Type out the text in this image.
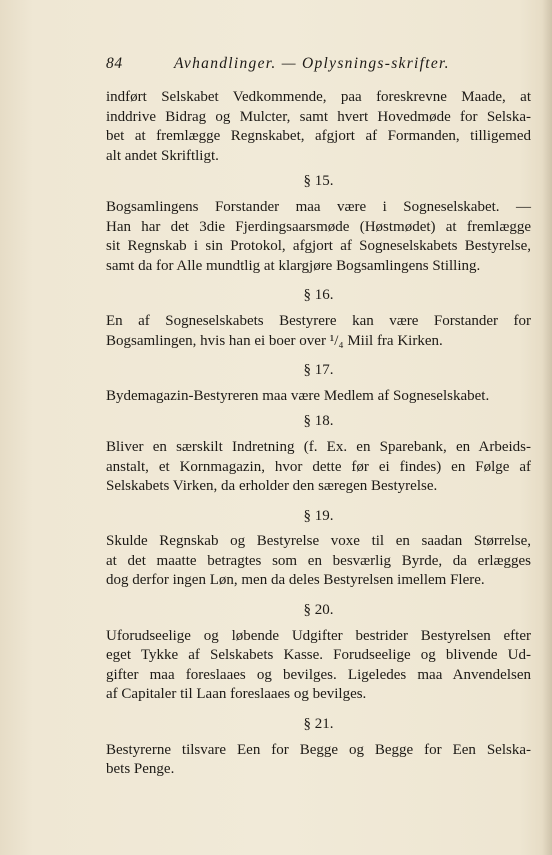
84	Avhandlinger. — Oplysnings-skrifter.
indført Selskabet Vedkommende, paa foreskrevne Maade, at
inddrive Bidrag og Mulcter, samt hvert Hovedmøde for Selska-
bet at fremlægge Regnskabet, afgjort af Formanden, tilligemed
alt andet Skriftligt.
§ 15.
Bogsamlingens Forstander maa være i Sogneselskabet. —
Han har det 3die Fjerdingsaarsmøde (Høstmødet) at fremlægge
sit Regnskab i sin Protokol, afgjort af Sogneselskabets Bestyrelse,
samt da for Alle mundtlig at klargjøre Bogsamlingens Stilling.
§ 16.
En af Sogneselskabets Bestyrere kan være Forstander for
Bogsamlingen, hvis han ei boer over ¹/₄ Miil fra Kirken.
§ 17.
Bydemagazin-Bestyreren maa være Medlem af Sogneselskabet.
§ 18.
Bliver en særskilt Indretning (f. Ex. en Sparebank, en Arbeids-
anstalt, et Kornmagazin, hvor dette før ei findes) en Følge af
Selskabets Virken, da erholder den særegen Bestyrelse.
§ 19.
Skulde Regnskab og Bestyrelse voxe til en saadan Størrelse,
at det maatte betragtes som en besværlig Byrde, da erlægges
dog derfor ingen Løn, men da deles Bestyrelsen imellem Flere.
§ 20.
Uforudseelige og løbende Udgifter bestrider Bestyrelsen efter
eget Tykke af Selskabets Kasse. Forudseelige og blivende Ud-
gifter maa foreslaaes og bevilges. Ligeledes maa Anvendelsen
af Capitaler til Laan foreslaaes og bevilges.
§ 21.
Bestyrerne tilsvare Een for Begge og Begge for Een Selska-
bets Penge.
